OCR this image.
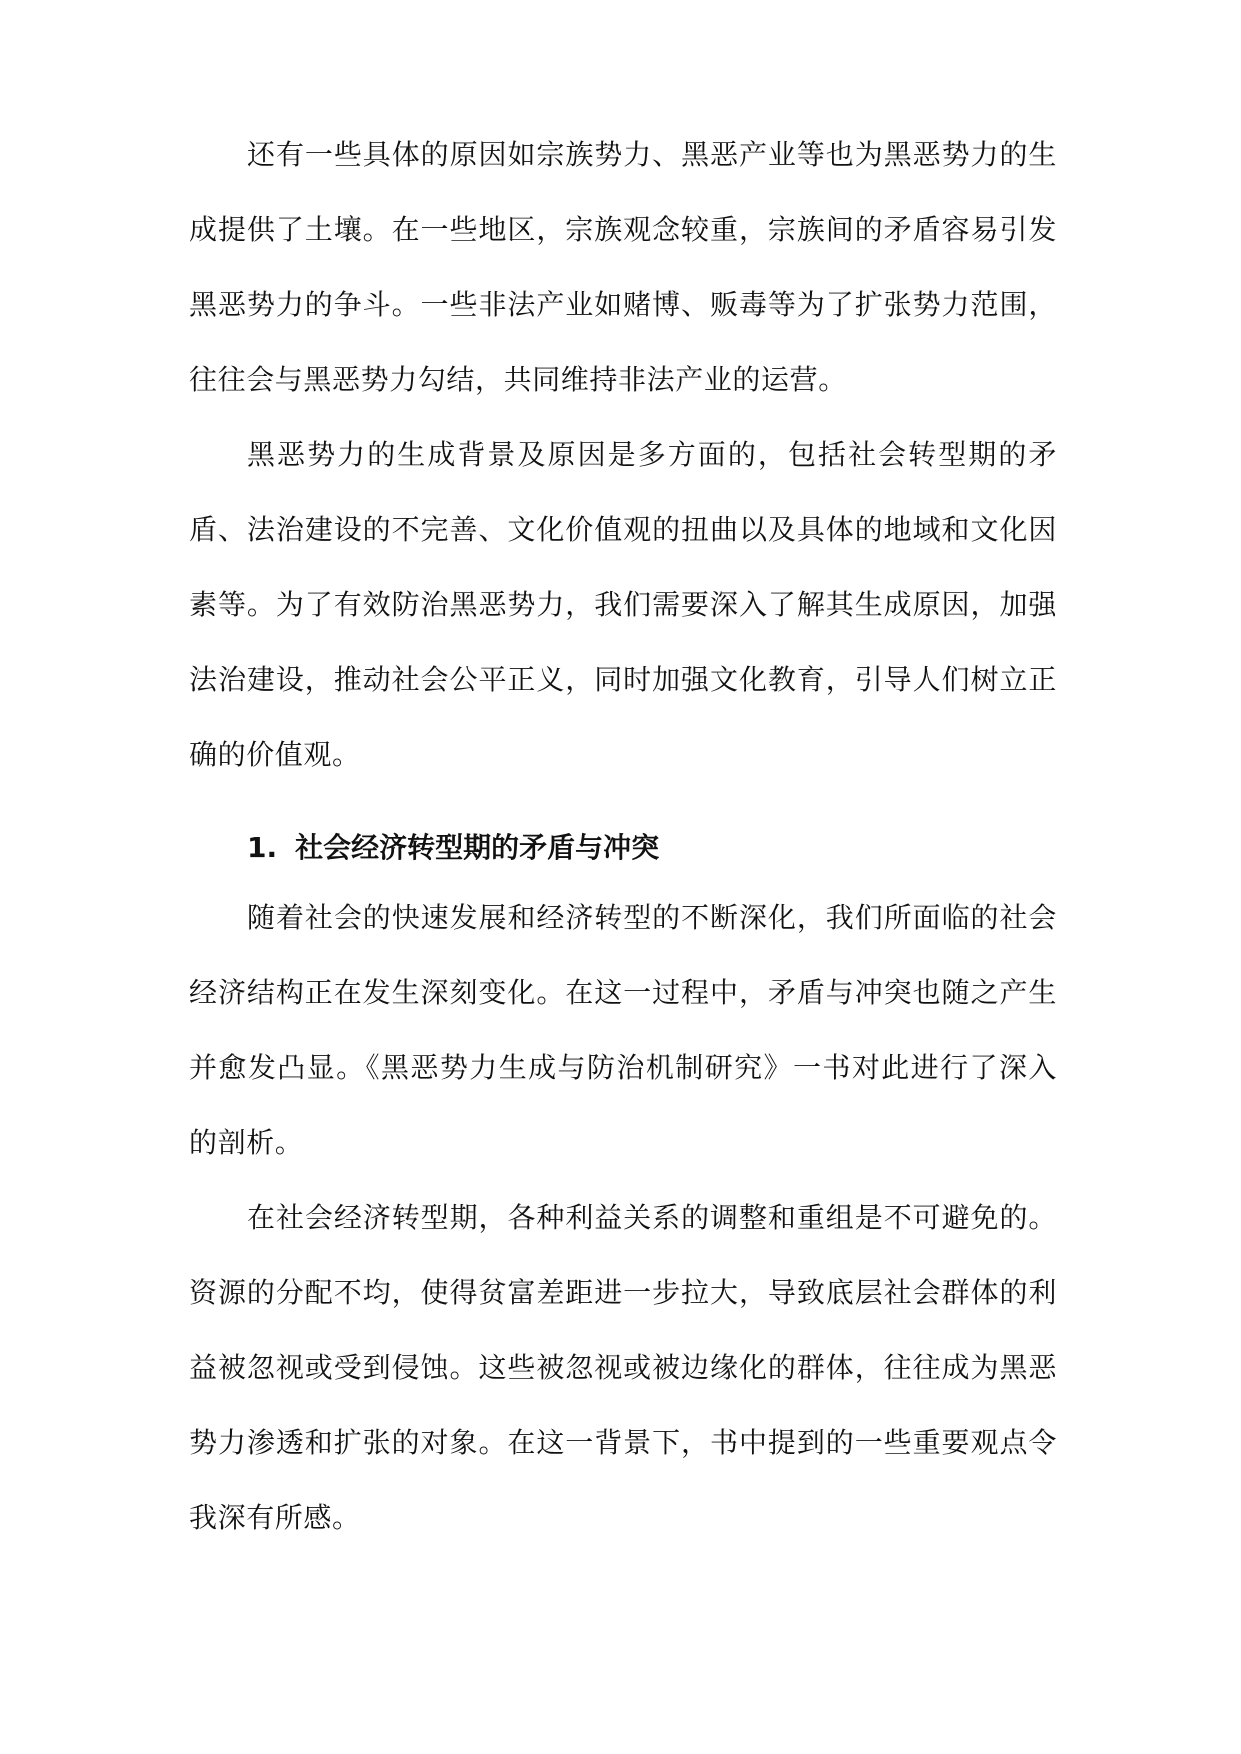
还有一些具体的原因如宗族势力、黑恶产业等也为黑恶势力的生成提供了土壤。在一些地区，宗族观念较重，宗族间的矛盾容易引发黑恶势力的争斗。一些非法产业如赌博、贩毒等为了扩张势力范围，往往会与黑恶势力勾结，共同维持非法产业的运营。

黑恶势力的生成背景及原因是多方面的，包括社会转型期的矛盾、法治建设的不完善、文化价值观的扭曲以及具体的地域和文化因素等。为了有效防治黑恶势力，我们需要深入了解其生成原因，加强法治建设，推动社会公平正义，同时加强文化教育，引导人们树立正确的价值观。

1. 社会经济转型期的矛盾与冲突

随着社会的快速发展和经济转型的不断深化，我们所面临的社会经济结构正在发生深刻变化。在这一过程中，矛盾与冲突也随之产生并愈发凸显。《黑恶势力生成与防治机制研究》一书对此进行了深入的剖析。

在社会经济转型期，各种利益关系的调整和重组是不可避免的。资源的分配不均，使得贫富差距进一步拉大，导致底层社会群体的利益被忽视或受到侵蚀。这些被忽视或被边缘化的群体，往往成为黑恶势力渗透和扩张的对象。在这一背景下，书中提到的一些重要观点令我深有所感。
